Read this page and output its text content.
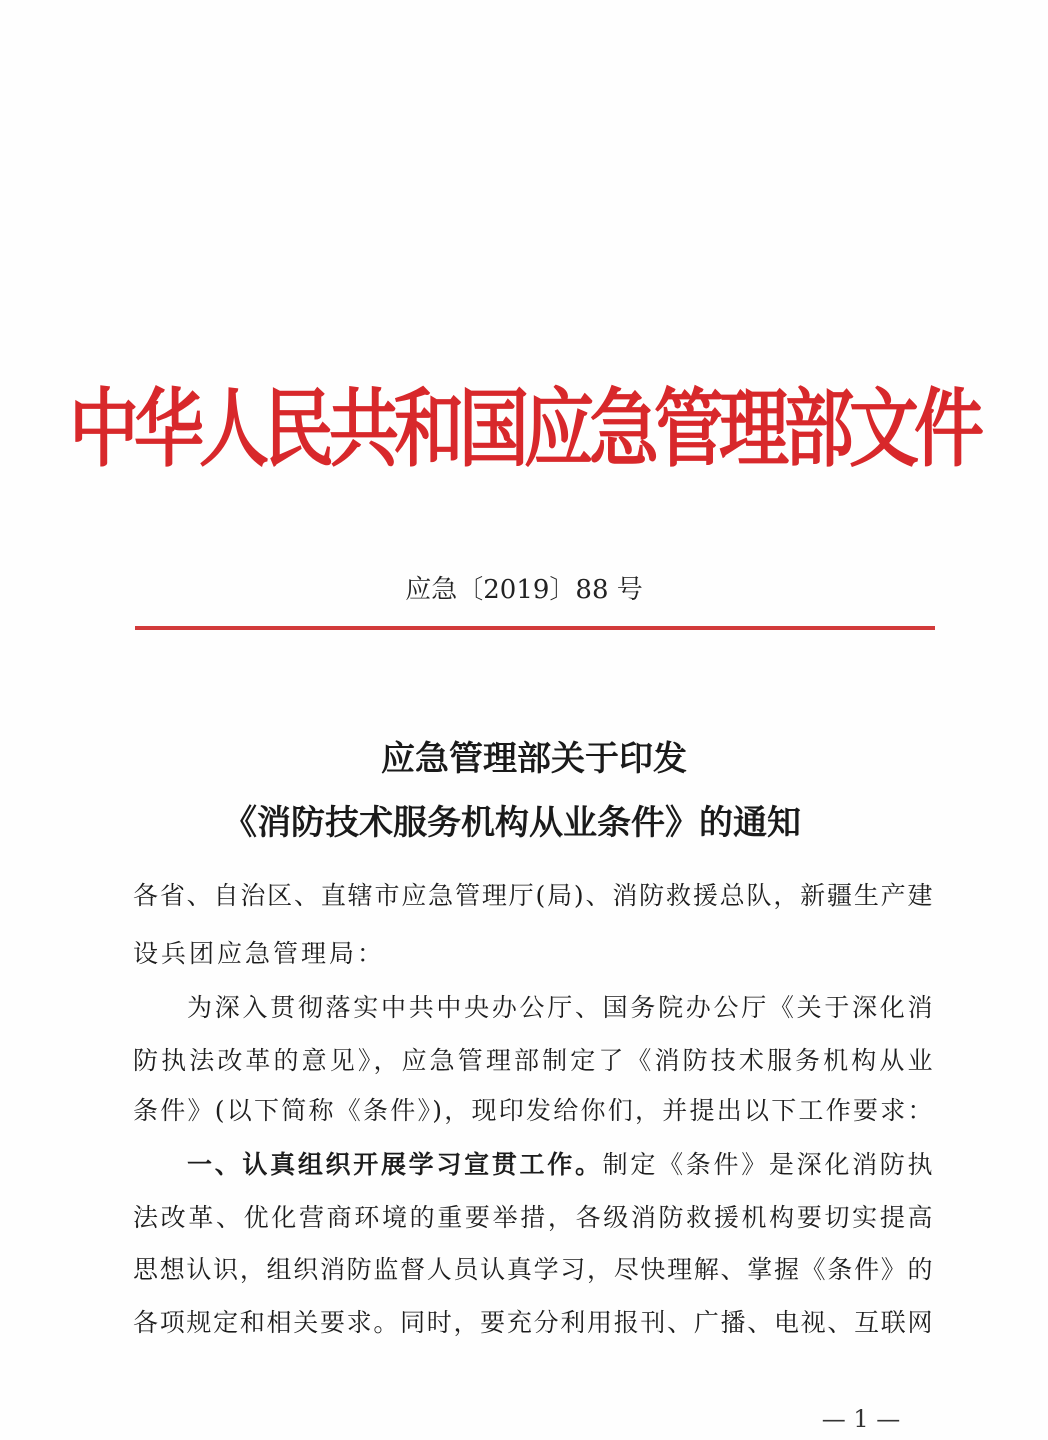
中华人民共和国应急管理部文件
应急〔2019〕88 号
应急管理部关于印发
《消防技术服务机构从业条件》的通知
各省、自治区、直辖市应急管理厅(局)、消防救援总队，新疆生产建
设兵团应急管理局：
为深入贯彻落实中共中央办公厅、国务院办公厅《关于深化消
防执法改革的意见》，应急管理部制定了《消防技术服务机构从业
条件》(以下简称《条件》)，现印发给你们，并提出以下工作要求：
一、认真组织开展学习宣贯工作。制定《条件》是深化消防执
法改革、优化营商环境的重要举措，各级消防救援机构要切实提高
思想认识，组织消防监督人员认真学习，尽快理解、掌握《条件》的
各项规定和相关要求。同时，要充分利用报刊、广播、电视、互联网
— 1 —
